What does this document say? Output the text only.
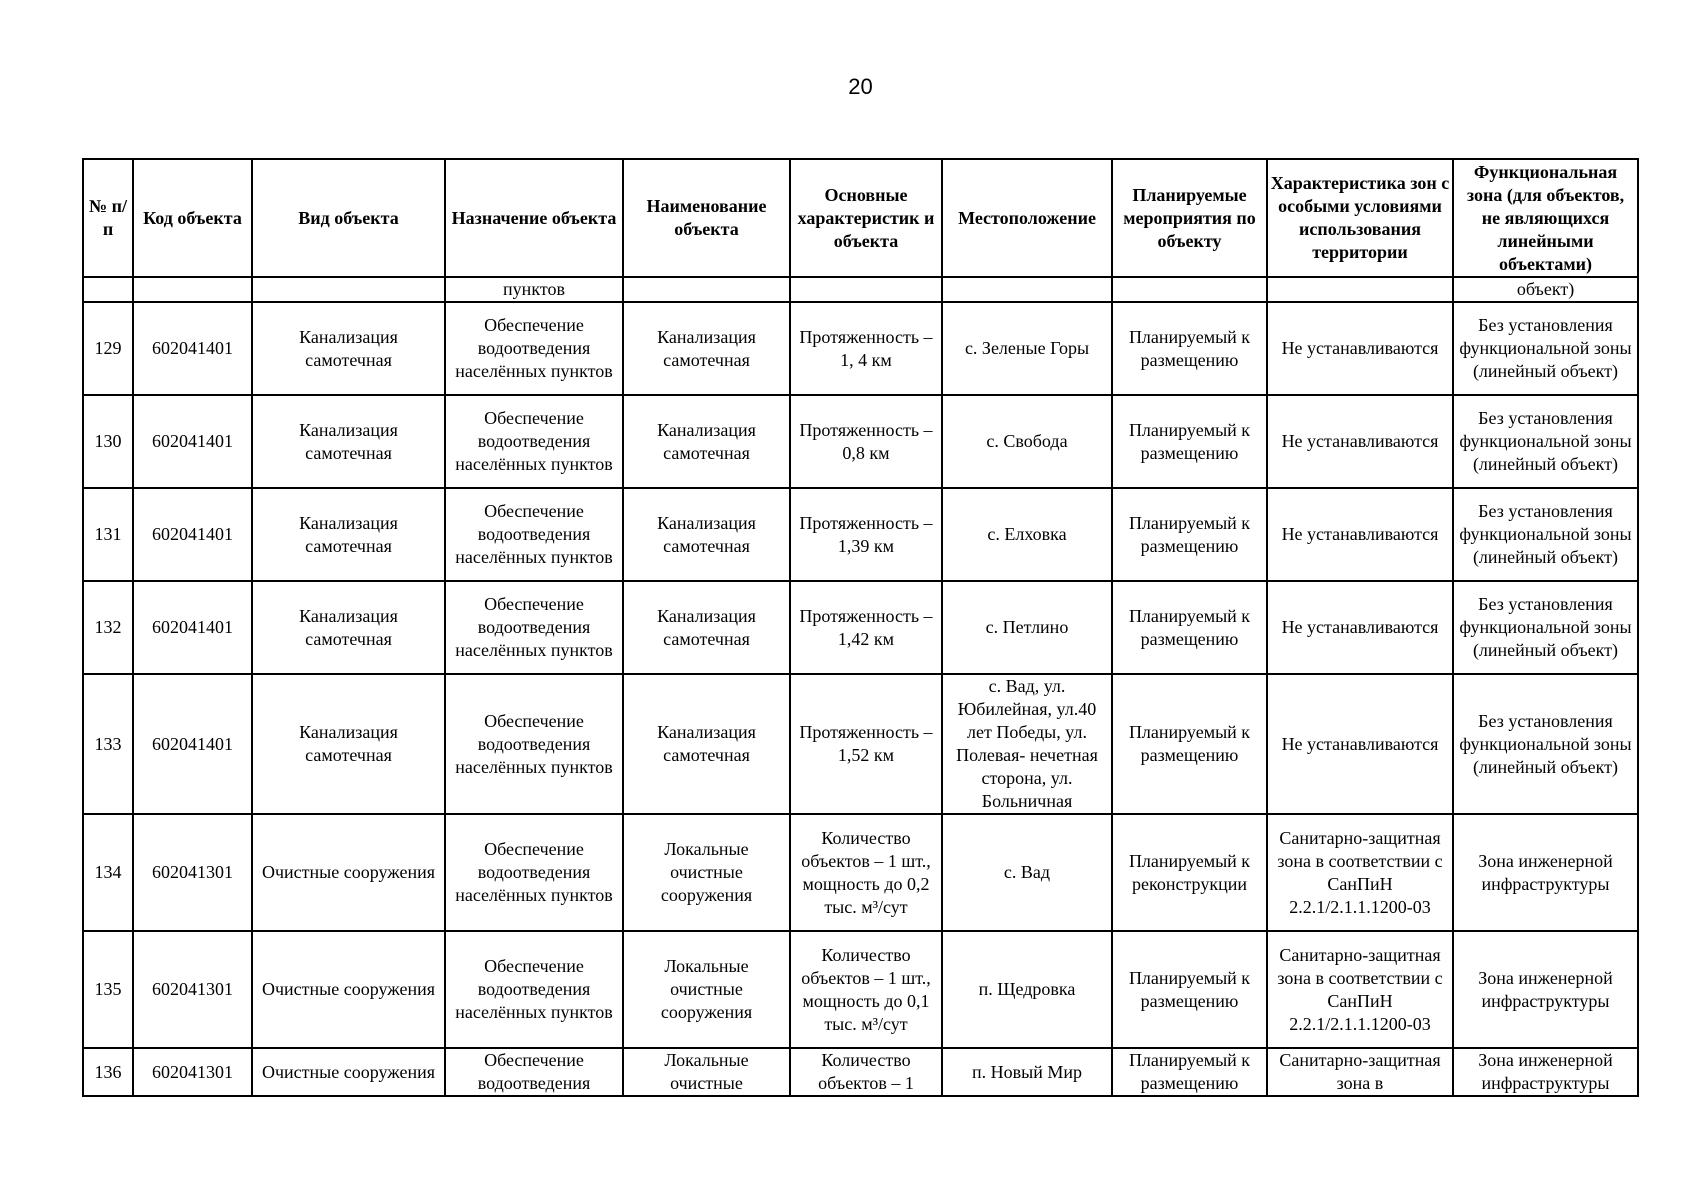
20
№ п/п	Код объекта	Вид объекта	Назначение объекта	Наименование объекта	Основные характеристик и объекта	Местоположение	Планируемые мероприятия по объекту	Характеристика зон с особыми условиями использования территории	Функциональная зона (для объектов, не являющихся линейными объектами)
			пунктов						объект)
129	602041401	Канализация самотечная	Обеспечение водоотведения населённых пунктов	Канализация самотечная	Протяженность – 1, 4 км	с. Зеленые Горы	Планируемый к размещению	Не устанавливаются	Без установления функциональной зоны (линейный объект)
130	602041401	Канализация самотечная	Обеспечение водоотведения населённых пунктов	Канализация самотечная	Протяженность – 0,8 км	с. Свобода	Планируемый к размещению	Не устанавливаются	Без установления функциональной зоны (линейный объект)
131	602041401	Канализация самотечная	Обеспечение водоотведения населённых пунктов	Канализация самотечная	Протяженность – 1,39 км	с. Елховка	Планируемый к размещению	Не устанавливаются	Без установления функциональной зоны (линейный объект)
132	602041401	Канализация самотечная	Обеспечение водоотведения населённых пунктов	Канализация самотечная	Протяженность – 1,42 км	с. Петлино	Планируемый к размещению	Не устанавливаются	Без установления функциональной зоны (линейный объект)
133	602041401	Канализация самотечная	Обеспечение водоотведения населённых пунктов	Канализация самотечная	Протяженность – 1,52 км	с. Вад, ул. Юбилейная, ул.40 лет Победы, ул. Полевая- нечетная сторона, ул. Больничная	Планируемый к размещению	Не устанавливаются	Без установления функциональной зоны (линейный объект)
134	602041301	Очистные сооружения	Обеспечение водоотведения населённых пунктов	Локальные очистные сооружения	Количество объектов – 1 шт., мощность до 0,2 тыс. м³/сут	с. Вад	Планируемый к реконструкции	Санитарно-защитная зона в соответствии с СанПиН 2.2.1/2.1.1.1200-03	Зона инженерной инфраструктуры
135	602041301	Очистные сооружения	Обеспечение водоотведения населённых пунктов	Локальные очистные сооружения	Количество объектов – 1 шт., мощность до 0,1 тыс. м³/сут	п. Щедровка	Планируемый к размещению	Санитарно-защитная зона в соответствии с СанПиН 2.2.1/2.1.1.1200-03	Зона инженерной инфраструктуры
136	602041301	Очистные сооружения	Обеспечение водоотведения	Локальные очистные	Количество объектов – 1	п. Новый Мир	Планируемый к размещению	Санитарно-защитная зона в	Зона инженерной инфраструктуры
